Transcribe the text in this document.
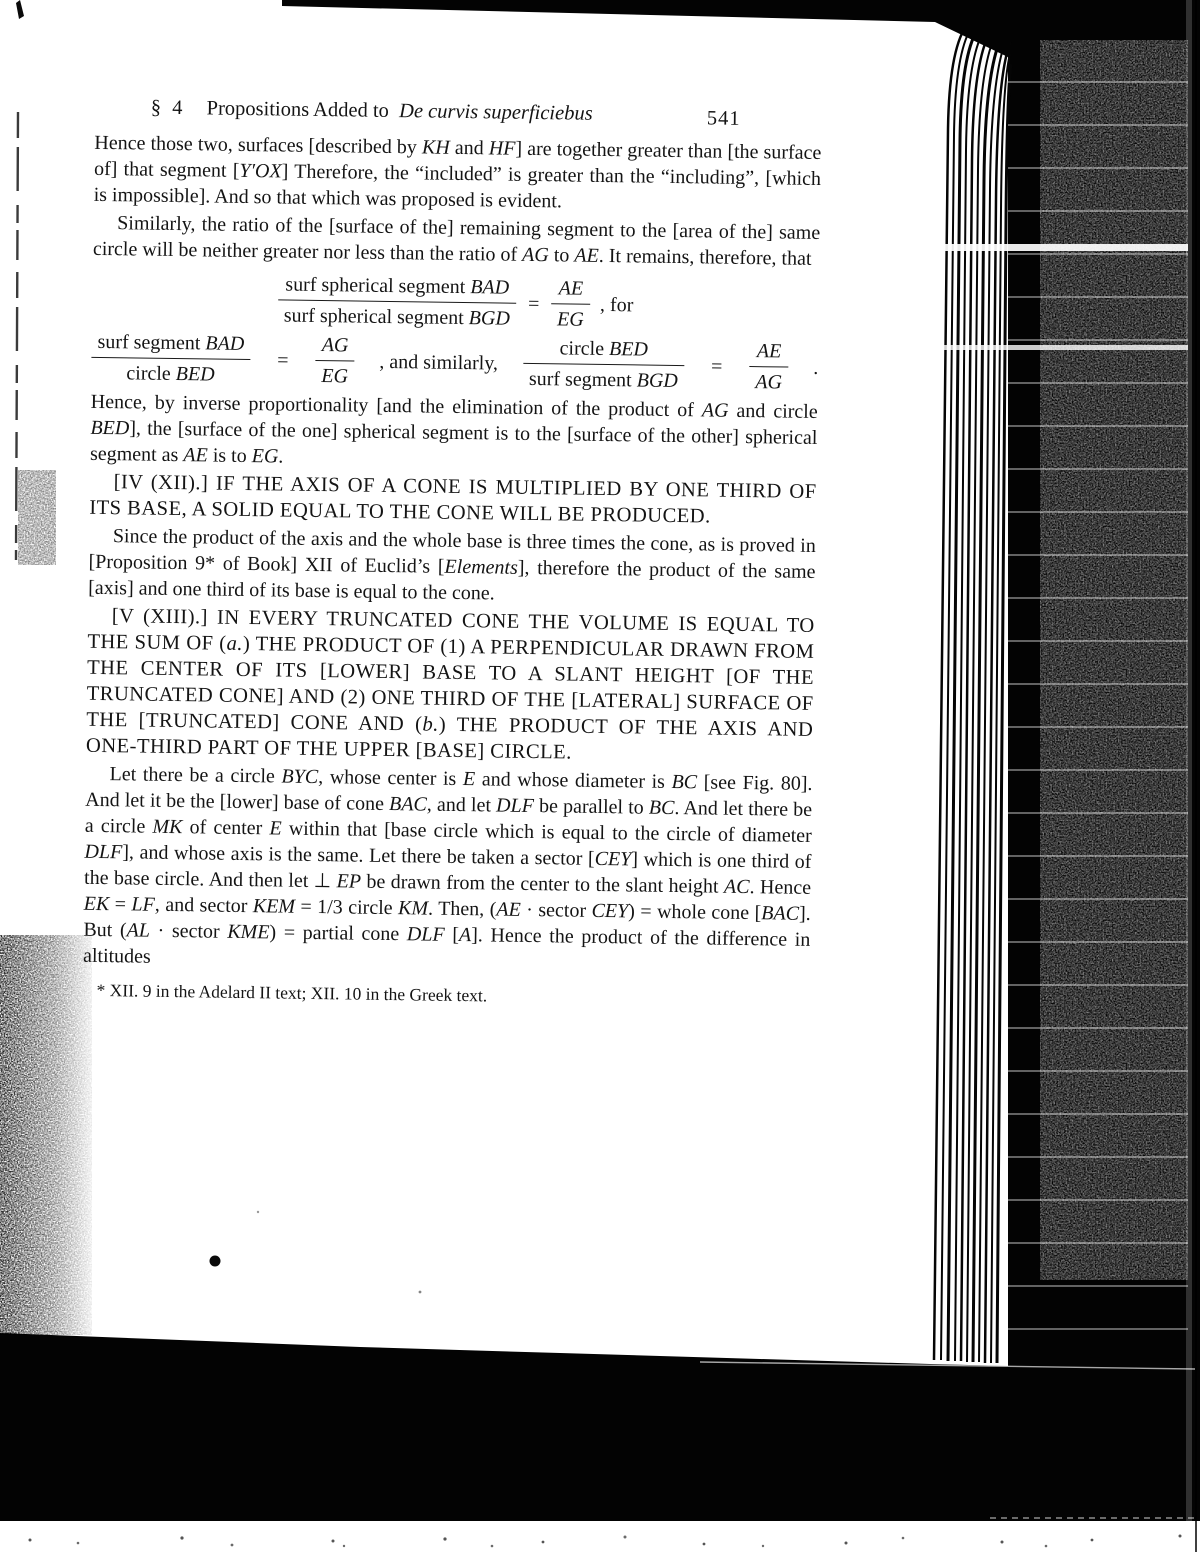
§ 4 Propositions Added to De curvis superficiebus	541

Hence those two, surfaces [described by KH and HF] are together greater than [the surface of] that segment [Y′OX] Therefore, the “included” is greater than the “including”, [which is impossible]. And so that which was proposed is evident.

Similarly, the ratio of the [surface of the] remaining segment to the [area of the] same circle will be neither greater nor less than the ratio of AG to AE. It remains, therefore, that

$\frac{\text{surf spherical segment BAD}}{\text{surf spherical segment BGD}} = \frac{AE}{EG}$ , for
$\frac{\text{surf segment BAD}}{\text{circle BED}} = \frac{AG}{EG}$ , and similarly, $\frac{\text{circle BED}}{\text{surf segment BGD}} = \frac{AE}{AG}$ .

Hence, by inverse proportionality [and the elimination of the product of AG and circle BED], the [surface of the one] spherical segment is to the [surface of the other] spherical segment as AE is to EG.

[IV (XII).] IF THE AXIS OF A CONE IS MULTIPLIED BY ONE THIRD OF ITS BASE, A SOLID EQUAL TO THE CONE WILL BE PRODUCED.

Since the product of the axis and the whole base is three times the cone, as is proved in [Proposition 9* of Book] XII of Euclid’s [Elements], therefore the product of the same [axis] and one third of its base is equal to the cone.

[V (XIII).] IN EVERY TRUNCATED CONE THE VOLUME IS EQUAL TO THE SUM OF (a.) THE PRODUCT OF (1) A PERPENDICULAR DRAWN FROM THE CENTER OF ITS [LOWER] BASE TO A SLANT HEIGHT [OF THE TRUNCATED CONE] AND (2) ONE THIRD OF THE [LATERAL] SURFACE OF THE [TRUNCATED] CONE AND (b.) THE PRODUCT OF THE AXIS AND ONE-THIRD PART OF THE UPPER [BASE] CIRCLE.

Let there be a circle BYC, whose center is E and whose diameter is BC [see Fig. 80]. And let it be the [lower] base of cone BAC, and let DLF be parallel to BC. And let there be a circle MK of center E within that [base circle which is equal to the circle of diameter DLF], and whose axis is the same. Let there be taken a sector [CEY] which is one third of the base circle. And then let ⊥ EP be drawn from the center to the slant height AC. Hence EK = LF, and sector KEM = 1/3 circle KM. Then, (AE · sector CEY) = whole cone [BAC]. But (AL · sector KME) = partial cone DLF [A]. Hence the product of the difference in altitudes

* XII. 9 in the Adelard II text; XII. 10 in the Greek text.
